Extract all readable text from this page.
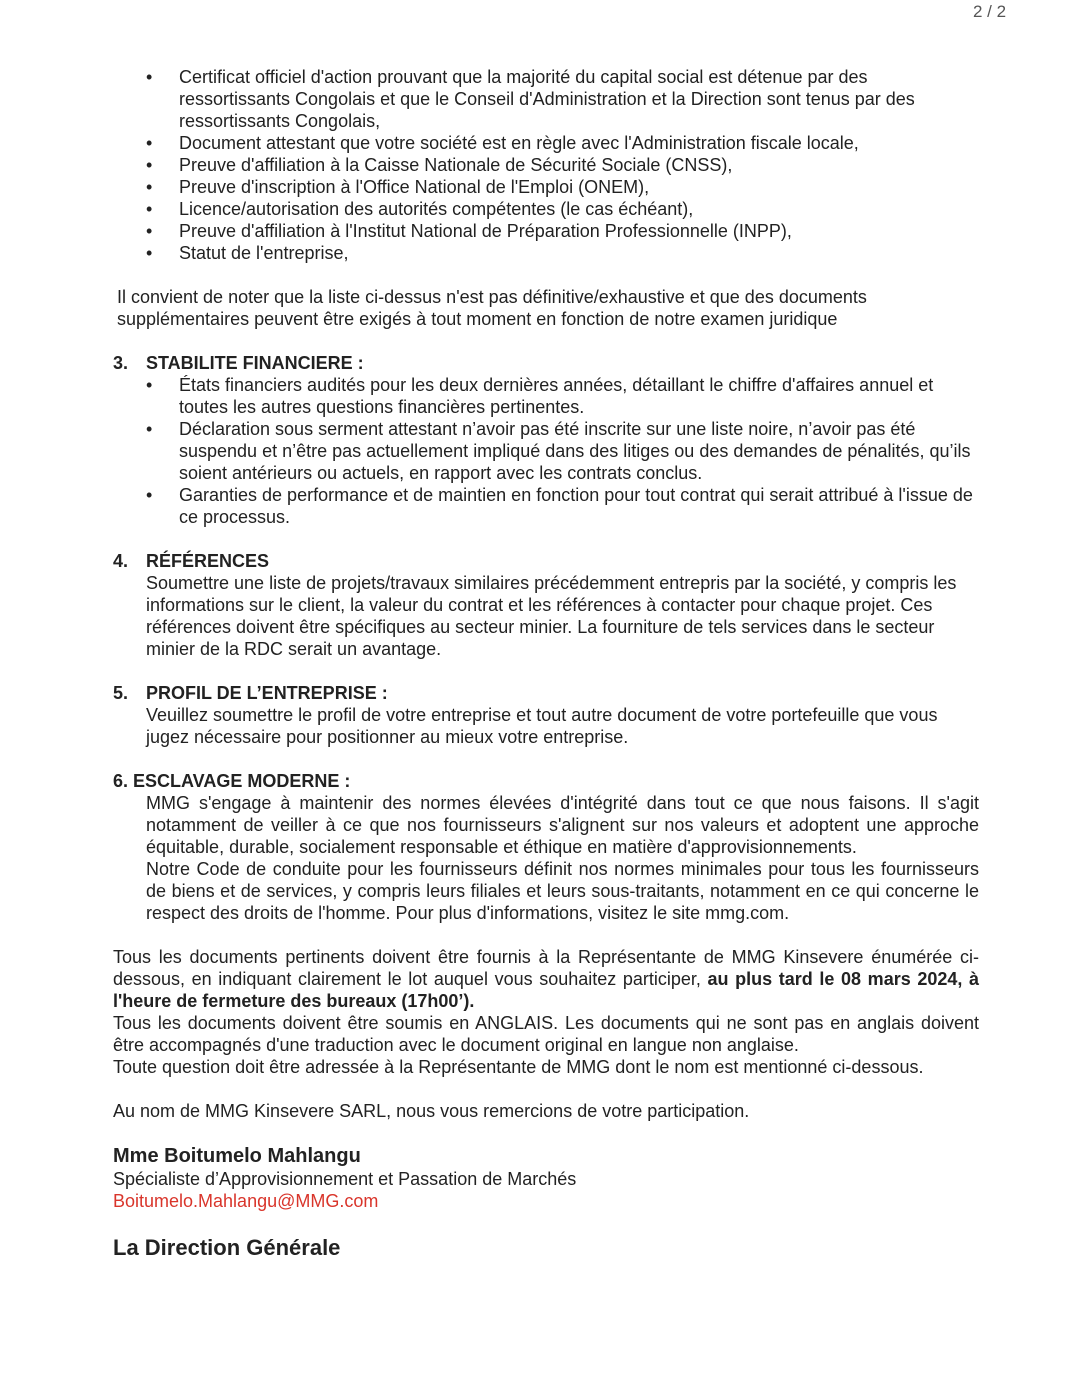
2 / 2
• Certificat officiel d'action prouvant que la majorité du capital social est détenue par des ressortissants Congolais et que le Conseil d'Administration et la Direction sont tenus par des ressortissants Congolais,
• Document attestant que votre société est en règle avec l'Administration fiscale locale,
• Preuve d'affiliation à la Caisse Nationale de Sécurité Sociale (CNSS),
• Preuve d'inscription à l'Office National de l'Emploi (ONEM),
• Licence/autorisation des autorités compétentes (le cas échéant),
• Preuve d'affiliation à l'Institut National de Préparation Professionnelle (INPP),
• Statut de l'entreprise,
Il convient de noter que la liste ci-dessus n'est pas définitive/exhaustive et que des documents supplémentaires peuvent être exigés à tout moment en fonction de notre examen juridique
3. STABILITE FINANCIERE :
• États financiers audités pour les deux dernières années, détaillant le chiffre d'affaires annuel et toutes les autres questions financières pertinentes.
• Déclaration sous serment attestant n’avoir pas été inscrite sur une liste noire, n’avoir pas été suspendu et n’être pas actuellement impliqué dans des litiges ou des demandes de pénalités, qu’ils soient antérieurs ou actuels, en rapport avec les contrats conclus.
• Garanties de performance et de maintien en fonction pour tout contrat qui serait attribué à l'issue de ce processus.
4. RÉFÉRENCES
Soumettre une liste de projets/travaux similaires précédemment entrepris par la société, y compris les informations sur le client, la valeur du contrat et les références à contacter pour chaque projet. Ces références doivent être spécifiques au secteur minier. La fourniture de tels services dans le secteur minier de la RDC serait un avantage.
5. PROFIL DE L’ENTREPRISE :
Veuillez soumettre le profil de votre entreprise et tout autre document de votre portefeuille que vous jugez nécessaire pour positionner au mieux votre entreprise.
6. ESCLAVAGE MODERNE :
MMG s'engage à maintenir des normes élevées d'intégrité dans tout ce que nous faisons. Il s'agit notamment de veiller à ce que nos fournisseurs s'alignent sur nos valeurs et adoptent une approche équitable, durable, socialement responsable et éthique en matière d'approvisionnements.
Notre Code de conduite pour les fournisseurs définit nos normes minimales pour tous les fournisseurs de biens et de services, y compris leurs filiales et leurs sous-traitants, notamment en ce qui concerne le respect des droits de l'homme. Pour plus d'informations, visitez le site mmg.com.
Tous les documents pertinents doivent être fournis à la Représentante de MMG Kinsevere énumérée ci-dessous, en indiquant clairement le lot auquel vous souhaitez participer, au plus tard le 08 mars 2024, à l'heure de fermeture des bureaux (17h00’).
Tous les documents doivent être soumis en ANGLAIS. Les documents qui ne sont pas en anglais doivent être accompagnés d'une traduction avec le document original en langue non anglaise.
Toute question doit être adressée à la Représentante de MMG dont le nom est mentionné ci-dessous.
Au nom de MMG Kinsevere SARL, nous vous remercions de votre participation.
Mme Boitumelo Mahlangu
Spécialiste d’Approvisionnement et Passation de Marchés
Boitumelo.Mahlangu@MMG.com
La Direction Générale
